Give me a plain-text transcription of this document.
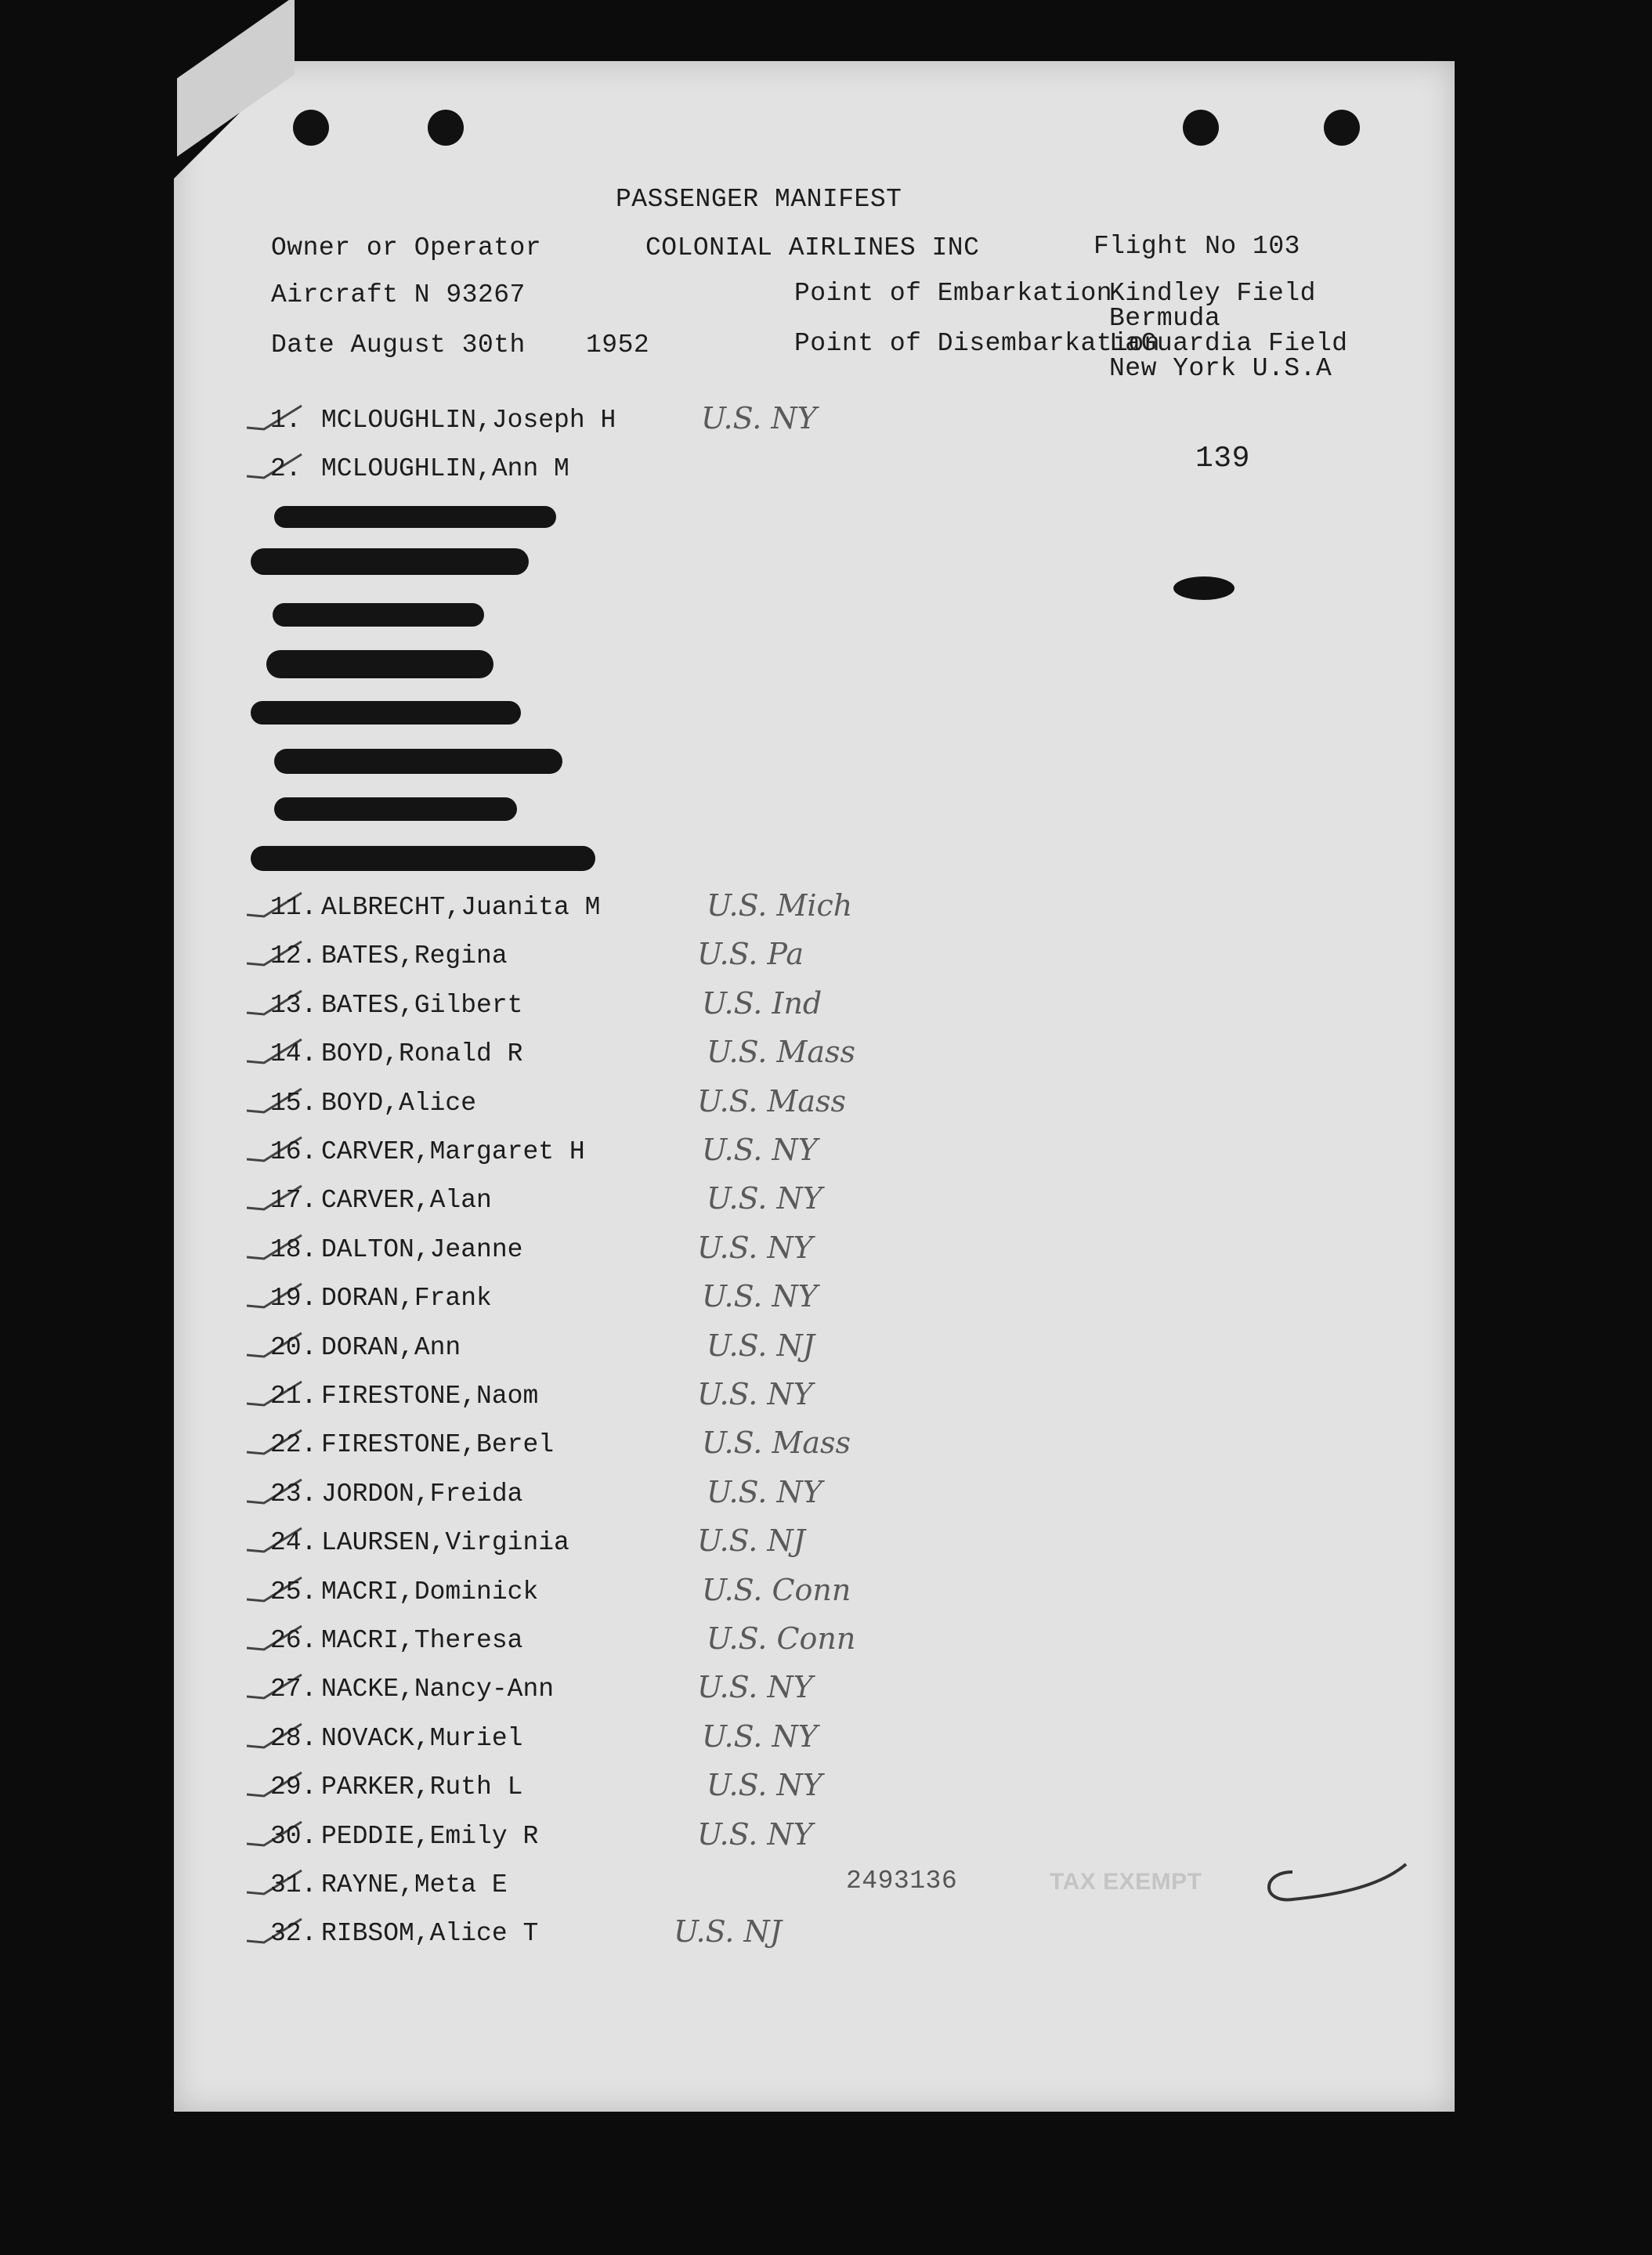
PASSENGER MANIFEST
Owner or Operator	COLONIAL AIRLINES INC	Flight No 103
Aircraft N 93267	Point of Embarkation
Kindley Field
Bermuda
Date August 30th 1952	Point of Disembarkation
LaGuardia Field
New York U.S.A
139
1. MCLOUGHLIN,Joseph H	U.S. NY
2. MCLOUGHLIN,Ann M
11. ALBRECHT,Juanita M	U.S. Mich
12. BATES,Regina	U.S. Pa
13. BATES,Gilbert	U.S. Ind
14. BOYD,Ronald R	U.S. Mass
15. BOYD,Alice	U.S. Mass
16. CARVER,Margaret H	U.S. NY
17. CARVER,Alan	U.S. NY
18. DALTON,Jeanne	U.S. NY
19. DORAN,Frank	U.S. NY
20. DORAN,Ann	U.S. NJ
21. FIRESTONE,Naom	U.S. NY
22. FIRESTONE,Berel	U.S. Mass
23. JORDON,Freida	U.S. NY
24. LAURSEN,Virginia	U.S. NJ
25. MACRI,Dominick	U.S. Conn
26. MACRI,Theresa	U.S. Conn
27. NACKE,Nancy-Ann	U.S. NY
28. NOVACK,Muriel	U.S. NY
29. PARKER,Ruth L	U.S. NY
30. PEDDIE,Emily R	U.S. NY
31. RAYNE,Meta E
32. RIBSOM,Alice T	U.S. NJ
2493136	TAX EXEMPT
